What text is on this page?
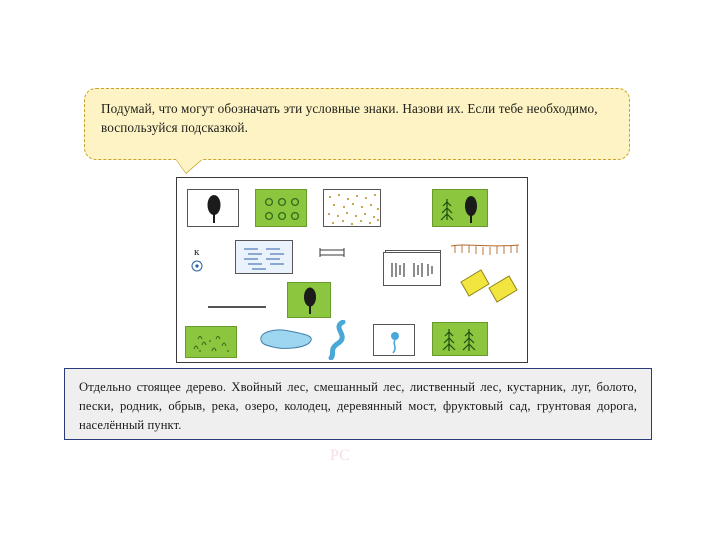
Подумай, что могут обозначать эти условные знаки. Назови их. Если тебе необходимо, воспользуйся подсказкой.
к
Отдельно стоящее дерево. Хвойный лес, смешанный лес, лиственный лес, кустарник, луг, болото, пески, родник, обрыв, река, озеро, колодец, деревянный мост, фруктовый сад, грунтовая дорога, населённый пункт.
РС
